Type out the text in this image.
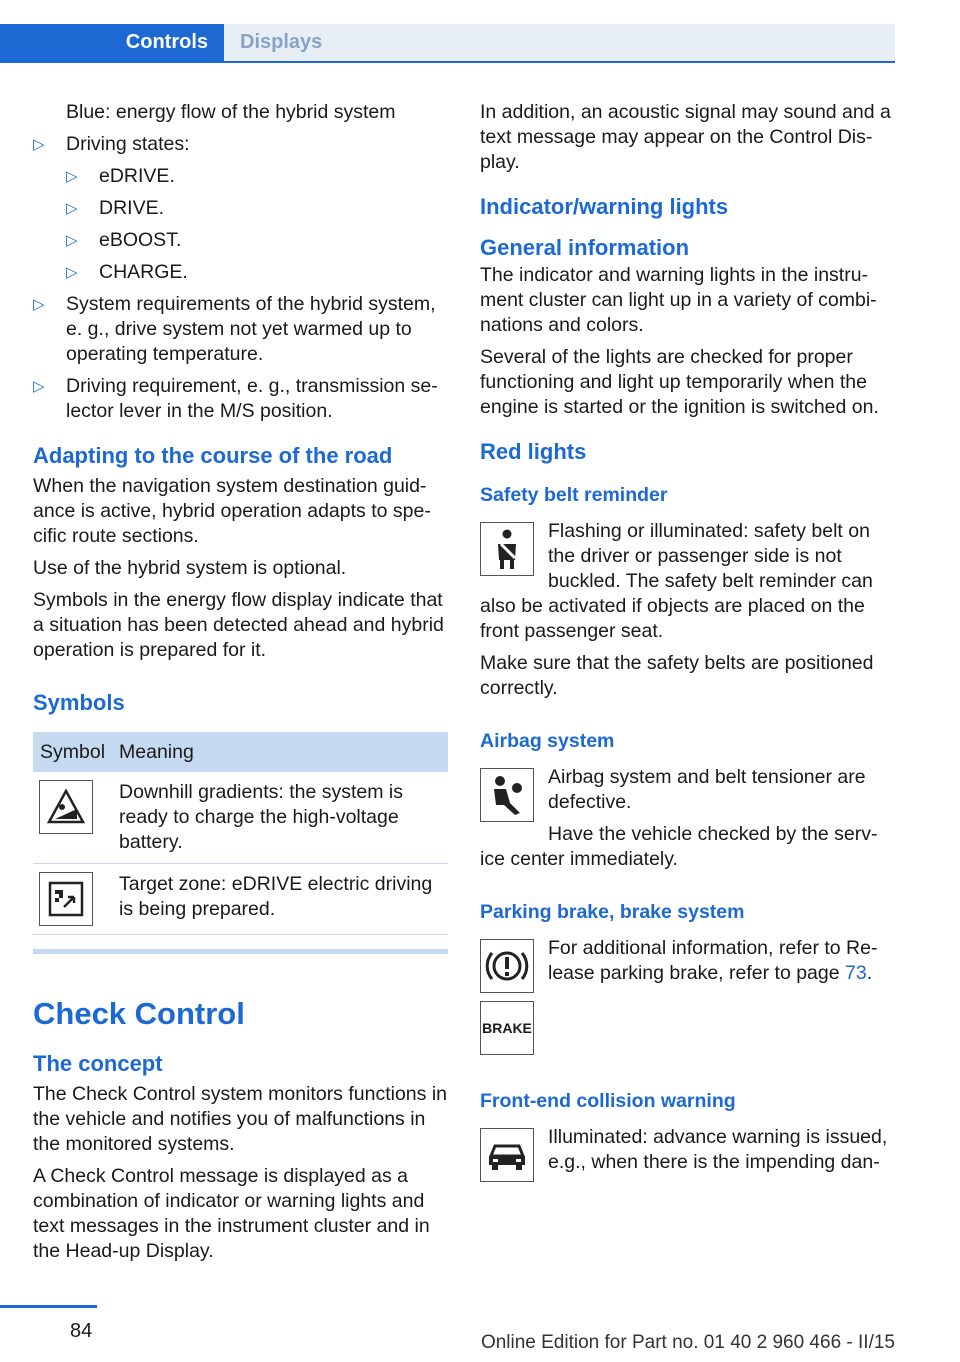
Controls	Displays
Blue: energy flow of the hybrid system
▷ Driving states:
▷ eDRIVE.
▷ DRIVE.
▷ eBOOST.
▷ CHARGE.
▷ System requirements of the hybrid system, e. g., drive system not yet warmed up to operating temperature.
▷ Driving requirement, e. g., transmission se-lector lever in the M/S position.
Adapting to the course of the road

When the navigation system destination guid-ance is active, hybrid operation adapts to spe-cific route sections.

Use of the hybrid system is optional.

Symbols in the energy flow display indicate that a situation has been detected ahead and hybrid operation is prepared for it.

Symbols
Symbol	Meaning

	Downhill gradients: the system is ready to charge the high-voltage battery.

	Target zone: eDRIVE electric driving is being prepared.
Check Control
The concept

The Check Control system monitors functions in the vehicle and notifies you of malfunctions in the monitored systems.

A Check Control message is displayed as a combination of indicator or warning lights and text messages in the instrument cluster and in the Head-up Display.

In addition, an acoustic signal may sound and a text message may appear on the Control Dis-play.

Indicator/warning lights
General information

The indicator and warning lights in the instru-ment cluster can light up in a variety of combi-nations and colors.

Several of the lights are checked for proper functioning and light up temporarily when the engine is started or the ignition is switched on.

Red lights
Safety belt reminder

Flashing or illuminated: safety belt on the driver or passenger side is not buckled. The safety belt reminder can also be activated if objects are placed on the front passenger seat.

Make sure that the safety belts are positioned correctly.

Airbag system

Airbag system and belt tensioner are defective.

Have the vehicle checked by the serv-ice center immediately.

Parking brake, brake system

For additional information, refer to Re-lease parking brake, refer to page 73.

BRAKE
Front-end collision warning

Illuminated: advance warning is issued, e.g., when there is the impending dan-

84
Online Edition for Part no. 01 40 2 960 466 - II/15
